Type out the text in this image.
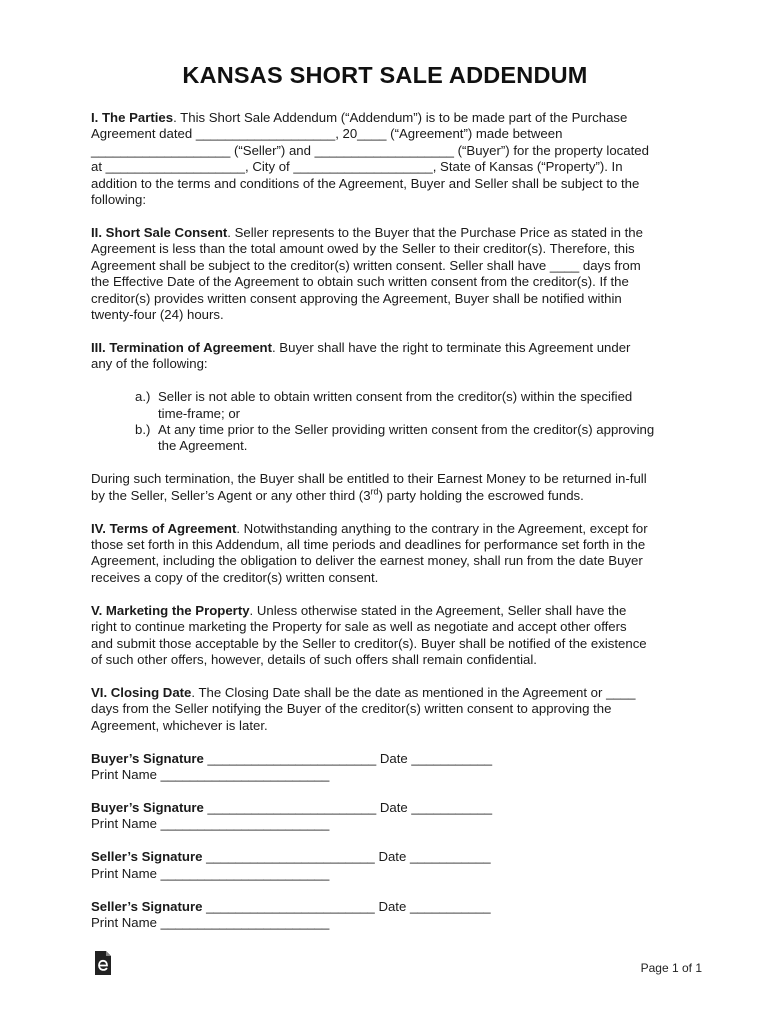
KANSAS SHORT SALE ADDENDUM

I. The Parties. This Short Sale Addendum (“Addendum”) is to be made part of the Purchase
Agreement dated ___________________, 20____ (“Agreement”) made between
___________________ (“Seller”) and ___________________ (“Buyer”) for the property located
at ___________________, City of ___________________, State of Kansas (“Property”). In
addition to the terms and conditions of the Agreement, Buyer and Seller shall be subject to the
following:

II. Short Sale Consent. Seller represents to the Buyer that the Purchase Price as stated in the
Agreement is less than the total amount owed by the Seller to their creditor(s). Therefore, this
Agreement shall be subject to the creditor(s) written consent. Seller shall have ____ days from
the Effective Date of the Agreement to obtain such written consent from the creditor(s). If the
creditor(s) provides written consent approving the Agreement, Buyer shall be notified within
twenty-four (24) hours.

III. Termination of Agreement. Buyer shall have the right to terminate this Agreement under
any of the following:

a.) Seller is not able to obtain written consent from the creditor(s) within the specified
time-frame; or
b.) At any time prior to the Seller providing written consent from the creditor(s) approving
the Agreement.

During such termination, the Buyer shall be entitled to their Earnest Money to be returned in-full
by the Seller, Seller’s Agent or any other third (3rd) party holding the escrowed funds.

IV. Terms of Agreement. Notwithstanding anything to the contrary in the Agreement, except for
those set forth in this Addendum, all time periods and deadlines for performance set forth in the
Agreement, including the obligation to deliver the earnest money, shall run from the date Buyer
receives a copy of the creditor(s) written consent.

V. Marketing the Property. Unless otherwise stated in the Agreement, Seller shall have the
right to continue marketing the Property for sale as well as negotiate and accept other offers
and submit those acceptable by the Seller to creditor(s). Buyer shall be notified of the existence
of such other offers, however, details of such offers shall remain confidential.

VI. Closing Date. The Closing Date shall be the date as mentioned in the Agreement or ____
days from the Seller notifying the Buyer of the creditor(s) written consent to approving the
Agreement, whichever is later.

Buyer’s Signature _______________________ Date ___________
Print Name _______________________
Buyer’s Signature _______________________ Date ___________
Print Name _______________________
Seller’s Signature _______________________ Date ___________
Print Name _______________________
Seller’s Signature _______________________ Date ___________
Print Name _______________________
Page 1 of 1
